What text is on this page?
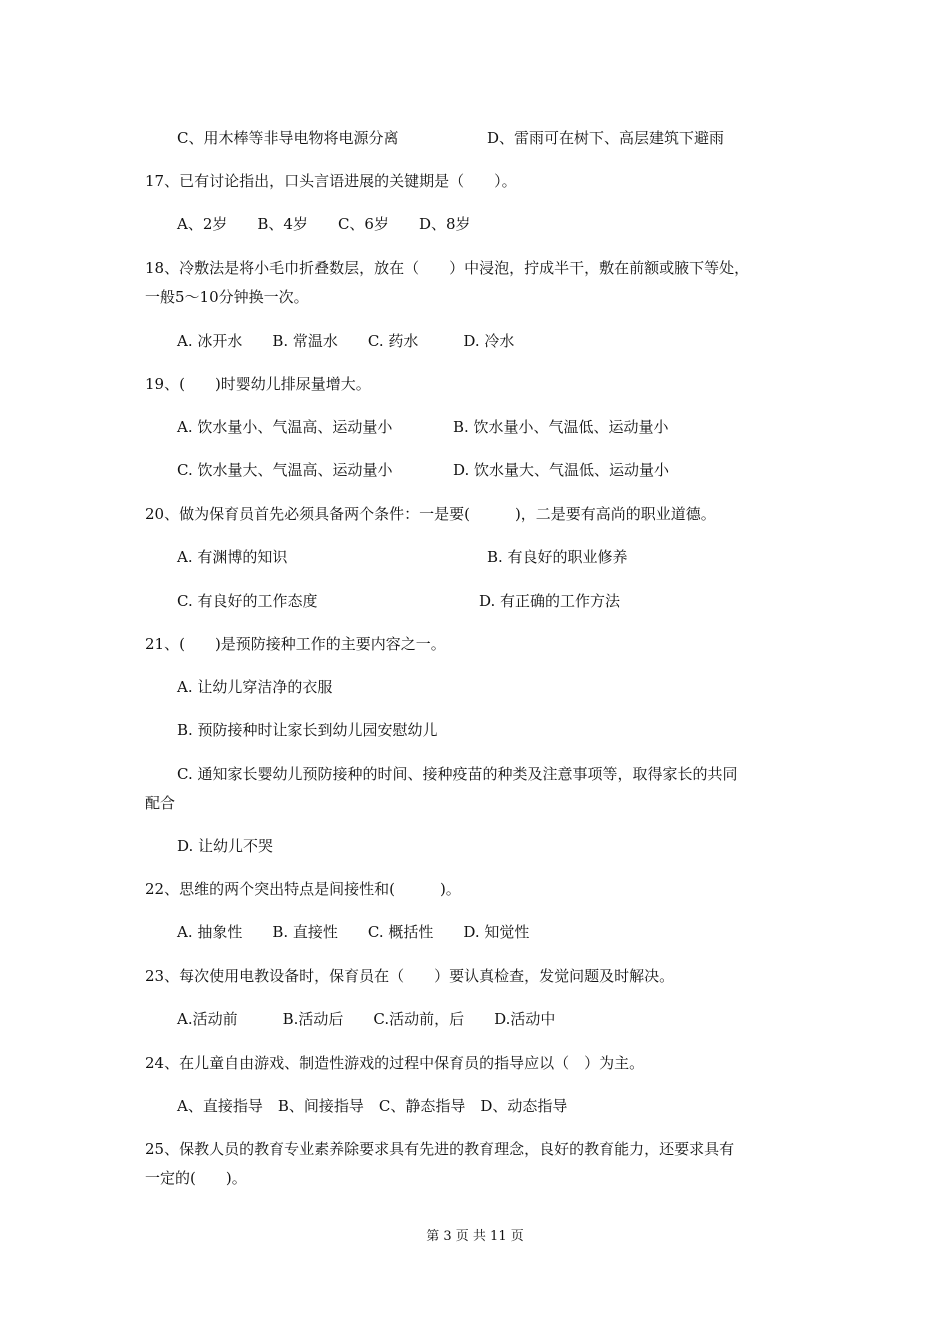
C、用木棒等非导电物将电源分离	D、雷雨可在树下、高层建筑下避雨
17、已有讨论指出，口头言语进展的关键期是（　　）。
A、2岁　　B、4岁　　C、6岁　　D、8岁
18、冷敷法是将小毛巾折叠数层，放在（　　）中浸泡，拧成半干，敷在前额或腋下等处，
一般5～10分钟换一次。
A. 冰开水　　B. 常温水　　C. 药水　　　D. 冷水
19、(　　)时婴幼儿排尿量增大。
A. 饮水量小、气温高、运动量小	B. 饮水量小、气温低、运动量小
C. 饮水量大、气温高、运动量小	D. 饮水量大、气温低、运动量小
20、做为保育员首先必须具备两个条件：一是要(　　　)，二是要有高尚的职业道德。
A. 有渊博的知识	B. 有良好的职业修养
C. 有良好的工作态度	D. 有正确的工作方法
21、(　　)是预防接种工作的主要内容之一。
A. 让幼儿穿洁净的衣服
B. 预防接种时让家长到幼儿园安慰幼儿
C. 通知家长婴幼儿预防接种的时间、接种疫苗的种类及注意事项等，取得家长的共同
配合
D. 让幼儿不哭
22、思维的两个突出特点是间接性和(　　　)。
A. 抽象性　　B. 直接性　　C. 概括性　　D. 知觉性
23、每次使用电教设备时，保育员在（　　）要认真检查，发觉问题及时解决。
A.活动前　　　B.活动后　　C.活动前，后　　D.活动中
24、在儿童自由游戏、制造性游戏的过程中保育员的指导应以（　）为主。
A、直接指导　B、间接指导　C、静态指导　D、动态指导
25、保教人员的教育专业素养除要求具有先进的教育理念，良好的教育能力，还要求具有
一定的(　　)。
第 3 页 共 11 页
